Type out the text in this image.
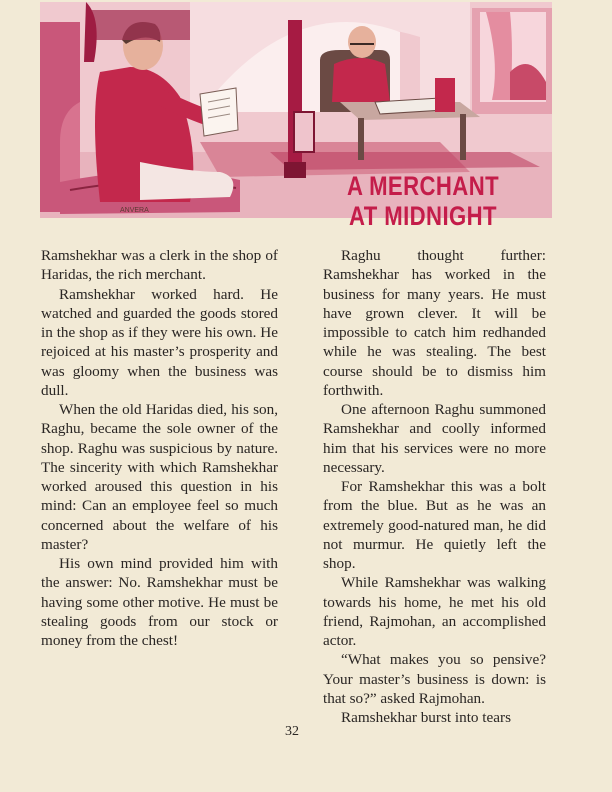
ANVERA
A MERCHANT
AT MIDNIGHT

Ramshekhar was a clerk in the shop of Haridas, the rich merchant.

Ramshekhar worked hard. He watched and guarded the goods stored in the shop as if they were his own. He rejoiced at his master’s prosperity and was gloomy when the business was dull.

When the old Haridas died, his son, Raghu, became the sole owner of the shop. Raghu was suspicious by nature. The sincerity with which Ramshekhar worked aroused this question in his mind: Can an employee feel so much concerned about the welfare of his master?

His own mind provided him with the answer: No. Ramshekhar must be having some other motive. He must be stealing goods from our stock or money from the chest!

Raghu thought further: Ramshekhar has worked in the business for many years. He must have grown clever. It will be impossible to catch him redhanded while he was stealing. The best course should be to dismiss him forthwith.

One afternoon Raghu summoned Ramshekhar and coolly informed him that his services were no more necessary.

For Ramshekhar this was a bolt from the blue. But as he was an extremely good-natured man, he did not murmur. He quietly left the shop.

While Ramshekhar was walking towards his home, he met his old friend, Rajmohan, an accomplished actor.

“What makes you so pensive? Your master’s business is down: is that so?” asked Rajmohan.

Ramshekhar burst into tears

32
